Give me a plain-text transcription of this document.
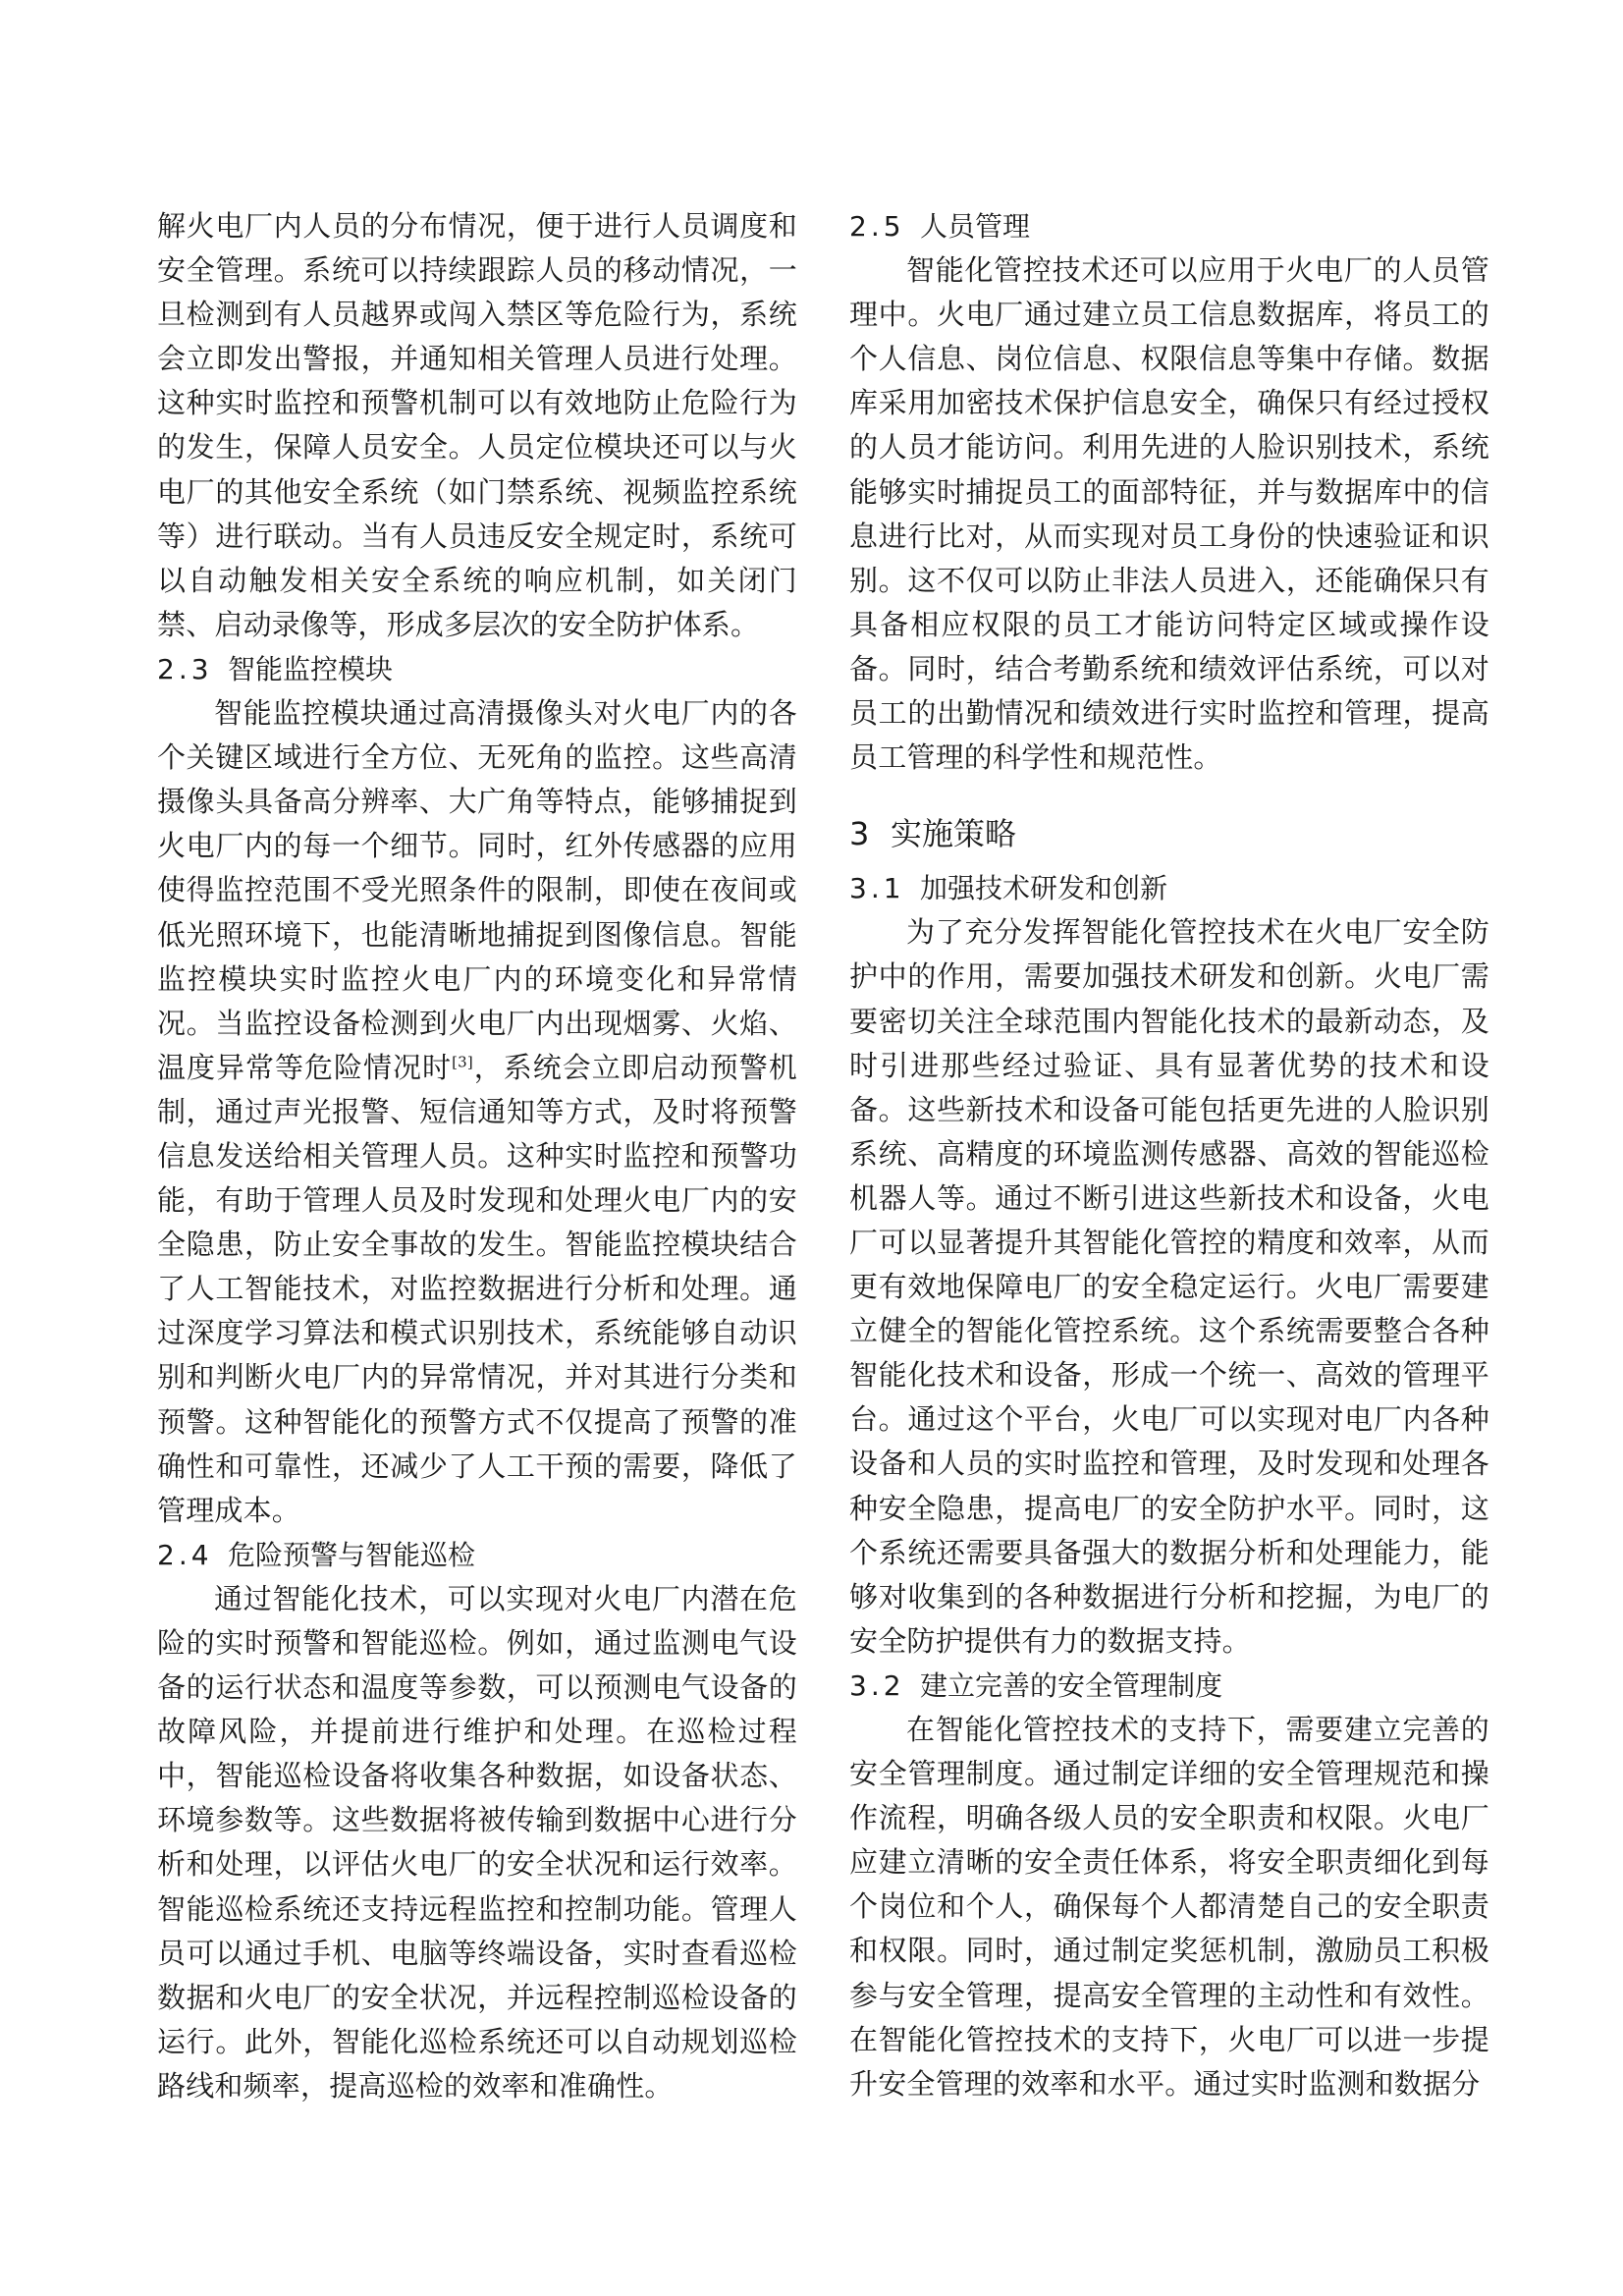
解火电厂内人员的分布情况，便于进行人员调度和安全管理。系统可以持续跟踪人员的移动情况，一旦检测到有人员越界或闯入禁区等危险行为，系统会立即发出警报，并通知相关管理人员进行处理。这种实时监控和预警机制可以有效地防止危险行为的发生，保障人员安全。人员定位模块还可以与火电厂的其他安全系统（如门禁系统、视频监控系统等）进行联动。当有人员违反安全规定时，系统可以自动触发相关安全系统的响应机制，如关闭门禁、启动录像等，形成多层次的安全防护体系。

2.3 智能监控模块

智能监控模块通过高清摄像头对火电厂内的各个关键区域进行全方位、无死角的监控。这些高清摄像头具备高分辨率、大广角等特点，能够捕捉到火电厂内的每一个细节。同时，红外传感器的应用使得监控范围不受光照条件的限制，即使在夜间或低光照环境下，也能清晰地捕捉到图像信息。智能监控模块实时监控火电厂内的环境变化和异常情况。当监控设备检测到火电厂内出现烟雾、火焰、温度异常等危险情况时[3]，系统会立即启动预警机制，通过声光报警、短信通知等方式，及时将预警信息发送给相关管理人员。这种实时监控和预警功能，有助于管理人员及时发现和处理火电厂内的安全隐患，防止安全事故的发生。智能监控模块结合了人工智能技术，对监控数据进行分析和处理。通过深度学习算法和模式识别技术，系统能够自动识别和判断火电厂内的异常情况，并对其进行分类和预警。这种智能化的预警方式不仅提高了预警的准确性和可靠性，还减少了人工干预的需要，降低了管理成本。

2.4 危险预警与智能巡检

通过智能化技术，可以实现对火电厂内潜在危险的实时预警和智能巡检。例如，通过监测电气设备的运行状态和温度等参数，可以预测电气设备的故障风险，并提前进行维护和处理。在巡检过程中，智能巡检设备将收集各种数据，如设备状态、环境参数等。这些数据将被传输到数据中心进行分析和处理，以评估火电厂的安全状况和运行效率。智能巡检系统还支持远程监控和控制功能。管理人员可以通过手机、电脑等终端设备，实时查看巡检数据和火电厂的安全状况，并远程控制巡检设备的运行。此外，智能化巡检系统还可以自动规划巡检路线和频率，提高巡检的效率和准确性。

2.5 人员管理

智能化管控技术还可以应用于火电厂的人员管理中。火电厂通过建立员工信息数据库，将员工的个人信息、岗位信息、权限信息等集中存储。数据库采用加密技术保护信息安全，确保只有经过授权的人员才能访问。利用先进的人脸识别技术，系统能够实时捕捉员工的面部特征，并与数据库中的信息进行比对，从而实现对员工身份的快速验证和识别。这不仅可以防止非法人员进入，还能确保只有具备相应权限的员工才能访问特定区域或操作设备。同时，结合考勤系统和绩效评估系统，可以对员工的出勤情况和绩效进行实时监控和管理，提高员工管理的科学性和规范性。

3 实施策略
3.1 加强技术研发和创新

为了充分发挥智能化管控技术在火电厂安全防护中的作用，需要加强技术研发和创新。火电厂需要密切关注全球范围内智能化技术的最新动态，及时引进那些经过验证、具有显著优势的技术和设备。这些新技术和设备可能包括更先进的人脸识别系统、高精度的环境监测传感器、高效的智能巡检机器人等。通过不断引进这些新技术和设备，火电厂可以显著提升其智能化管控的精度和效率，从而更有效地保障电厂的安全稳定运行。火电厂需要建立健全的智能化管控系统。这个系统需要整合各种智能化技术和设备，形成一个统一、高效的管理平台。通过这个平台，火电厂可以实现对电厂内各种设备和人员的实时监控和管理，及时发现和处理各种安全隐患，提高电厂的安全防护水平。同时，这个系统还需要具备强大的数据分析和处理能力，能够对收集到的各种数据进行分析和挖掘，为电厂的安全防护提供有力的数据支持。

3.2 建立完善的安全管理制度

在智能化管控技术的支持下，需要建立完善的安全管理制度。通过制定详细的安全管理规范和操作流程，明确各级人员的安全职责和权限。火电厂应建立清晰的安全责任体系，将安全职责细化到每个岗位和个人，确保每个人都清楚自己的安全职责和权限。同时，通过制定奖惩机制，激励员工积极参与安全管理，提高安全管理的主动性和有效性。在智能化管控技术的支持下，火电厂可以进一步提升安全管理的效率和水平。通过实时监测和数据分
